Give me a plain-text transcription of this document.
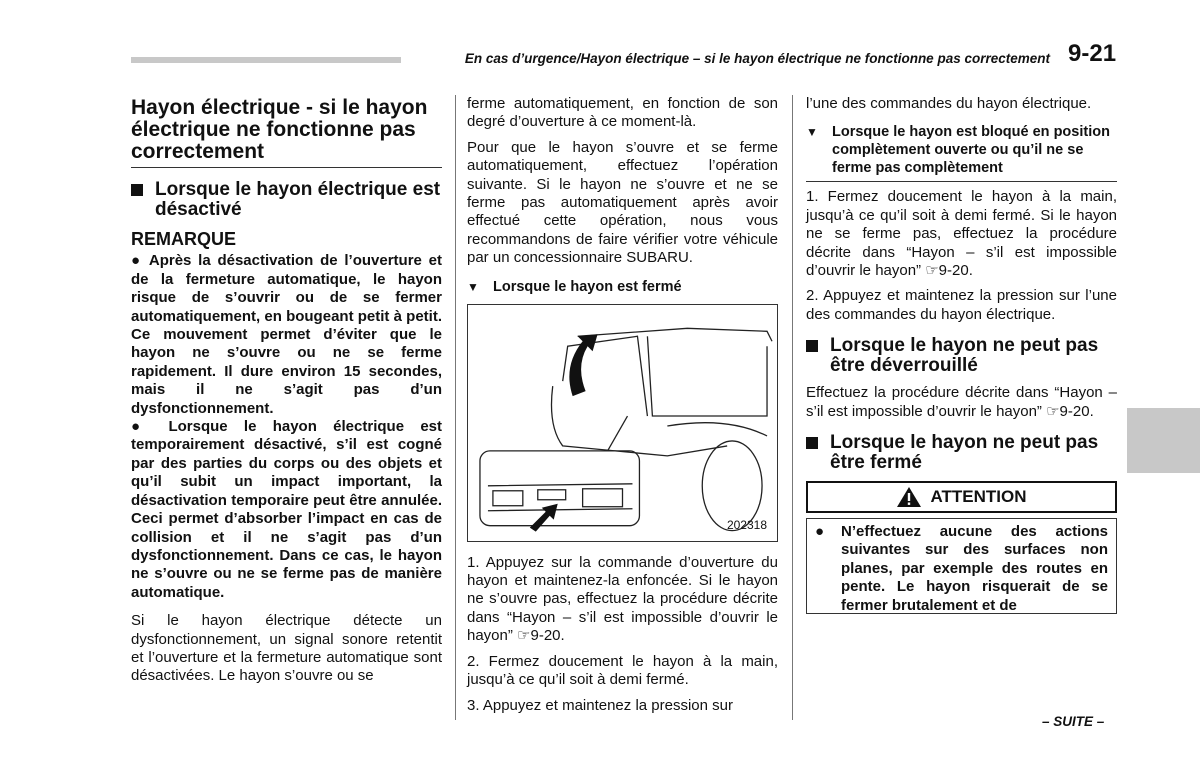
En cas d’urgence/Hayon électrique – si le hayon électrique ne fonctionne pas correctement 9-21
Hayon électrique - si le hayon électrique ne fonctionne pas correctement
Lorsque le hayon électrique est désactivé
REMARQUE

● Après la désactivation de l’ouverture et de la fermeture automatique, le hayon risque de s’ouvrir ou de se fermer automatiquement, en bougeant petit à petit. Ce mouvement permet d’éviter que le hayon ne s’ouvre ou ne se ferme rapidement. Il dure environ 15 secondes, mais il ne s’agit pas d’un dysfonctionnement.

● Lorsque le hayon électrique est temporairement désactivé, s’il est cogné par des parties du corps ou des objets et qu’il subit un impact important, la désactivation temporaire peut être annulée. Ceci permet d’absorber l’impact en cas de collision et il ne s’agit pas d’un dysfonctionnement. Dans ce cas, le hayon ne s’ouvre ou ne se ferme pas de manière automatique.

Si le hayon électrique détecte un dysfonctionnement, un signal sonore retentit et l’ouverture et la fermeture automatique sont désactivées. Le hayon s’ouvre ou se

ferme automatiquement, en fonction de son degré d’ouverture à ce moment-là.

Pour que le hayon s’ouvre et se ferme automatiquement, effectuez l’opération suivante. Si le hayon ne s’ouvre et ne se ferme pas automatiquement après avoir effectué cette opération, nous vous recommandons de faire vérifier votre véhicule par un concessionnaire SUBARU.

▼ Lorsque le hayon est fermé
202318

1. Appuyez sur la commande d’ouverture du hayon et maintenez-la enfoncée. Si le hayon ne s’ouvre pas, effectuez la procédure décrite dans “Hayon – s’il est impossible d’ouvrir le hayon” ☞9-20.

2. Fermez doucement le hayon à la main, jusqu’à ce qu’il soit à demi fermé.

3. Appuyez et maintenez la pression sur

l’une des commandes du hayon électrique.

▼ Lorsque le hayon est bloqué en position complètement ouverte ou qu’il ne se ferme pas complètement

1. Fermez doucement le hayon à la main, jusqu’à ce qu’il soit à demi fermé. Si le hayon ne se ferme pas, effectuez la procédure décrite dans “Hayon – s’il est impossible d’ouvrir le hayon” ☞9-20.

2. Appuyez et maintenez la pression sur l’une des commandes du hayon électrique.

Lorsque le hayon ne peut pas être déverrouillé

Effectuez la procédure décrite dans “Hayon – s’il est impossible d’ouvrir le hayon” ☞9-20.

Lorsque le hayon ne peut pas être fermé
ATTENTION
●	N’effectuez aucune des actions suivantes sur des surfaces non planes, par exemple des routes en pente. Le hayon risquerait de se fermer brutalement et de

– SUITE –
